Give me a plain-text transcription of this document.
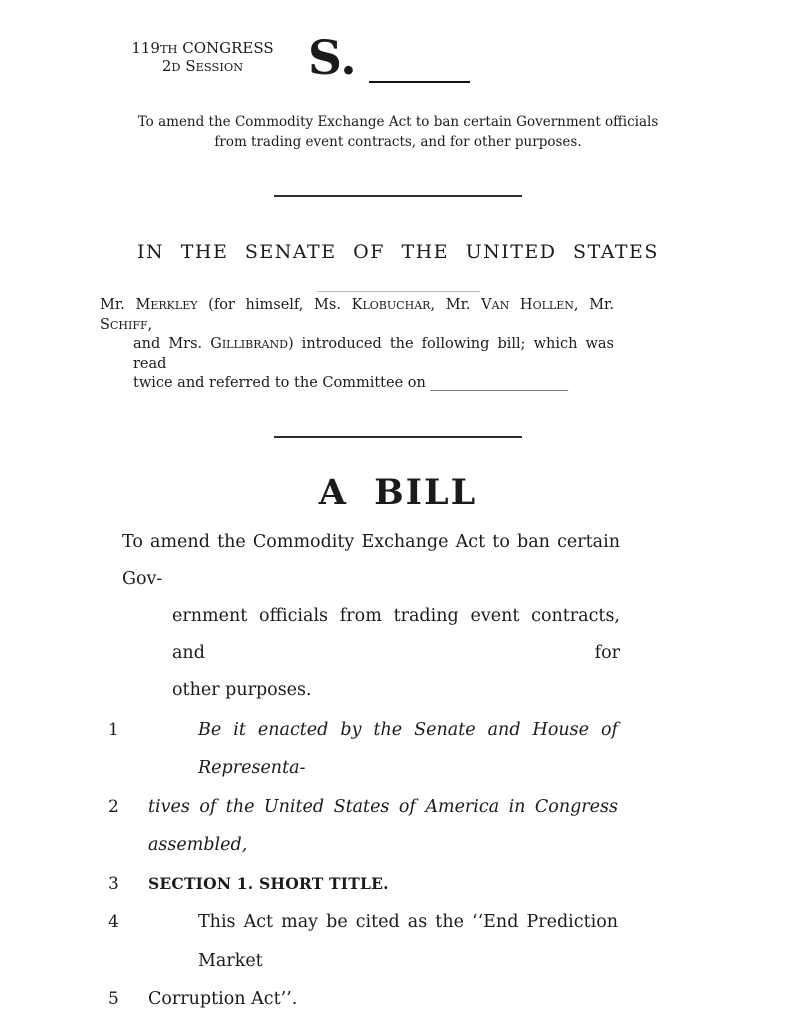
119TH CONGRESS
2D SESSION	S.
To amend the Commodity Exchange Act to ban certain Government officials
from trading event contracts, and for other purposes.
IN THE SENATE OF THE UNITED STATES
Mr. MERKLEY (for himself, Ms. KLOBUCHAR, Mr. VAN HOLLEN, Mr. SCHIFF,
and Mrs. GILLIBRAND) introduced the following bill; which was read
twice and referred to the Committee on ___________________
A BILL
To amend the Commodity Exchange Act to ban certain Gov-
ernment officials from trading event contracts, and for
other purposes.
1	Be it enacted by the Senate and House of Representa-
2	tives of the United States of America in Congress assembled,
3	SECTION 1. SHORT TITLE.
4	This Act may be cited as the ‘‘End Prediction Market
5	Corruption Act’’.
